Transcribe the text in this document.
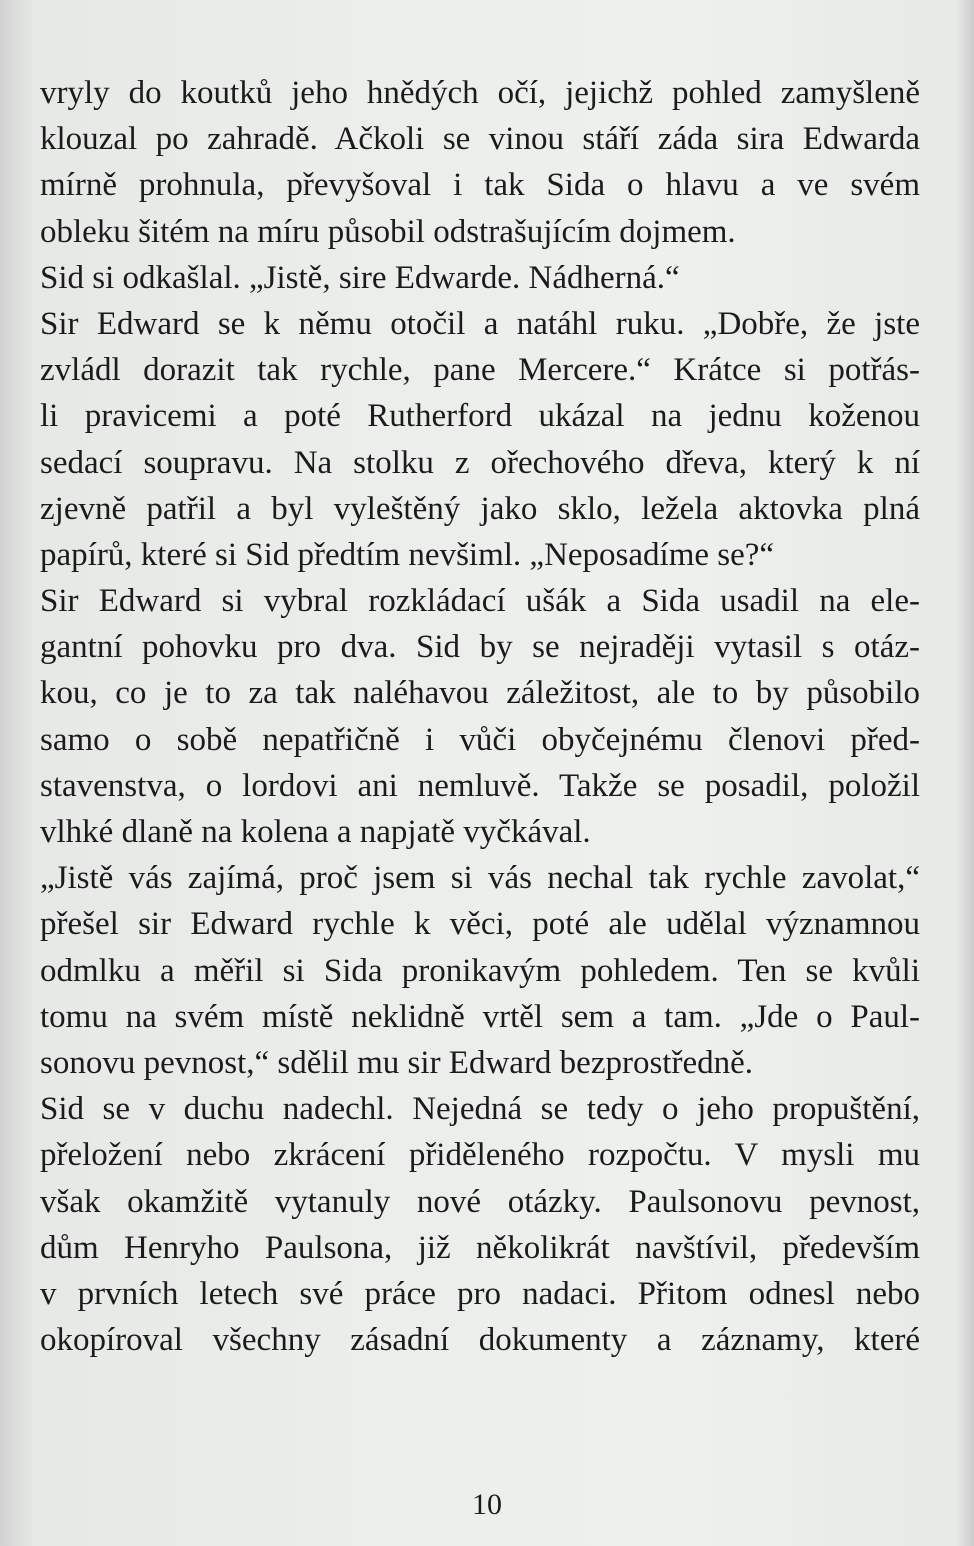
vryly do koutků jeho hnědých očí, jejichž pohled zamyšleně
klouzal po zahradě. Ačkoli se vinou stáří záda sira Edwarda
mírně prohnula, převyšoval i tak Sida o hlavu a ve svém
obleku šitém na míru působil odstrašujícím dojmem.
Sid si odkašlal. „Jistě, sire Edwarde. Nádherná.“
Sir Edward se k němu otočil a natáhl ruku. „Dobře, že jste
zvládl dorazit tak rychle, pane Mercere.“ Krátce si potřás-
li pravicemi a poté Rutherford ukázal na jednu koženou
sedací soupravu. Na stolku z ořechového dřeva, který k ní
zjevně patřil a byl vyleštěný jako sklo, ležela aktovka plná
papírů, které si Sid předtím nevšiml. „Neposadíme se?“
Sir Edward si vybral rozkládací ušák a Sida usadil na ele-
gantní pohovku pro dva. Sid by se nejraději vytasil s otáz-
kou, co je to za tak naléhavou záležitost, ale to by působilo
samo o sobě nepatřičně i vůči obyčejnému členovi před-
stavenstva, o lordovi ani nemluvě. Takže se posadil, položil
vlhké dlaně na kolena a napjatě vyčkával.
„Jistě vás zajímá, proč jsem si vás nechal tak rychle zavolat,“
přešel sir Edward rychle k věci, poté ale udělal významnou
odmlku a měřil si Sida pronikavým pohledem. Ten se kvůli
tomu na svém místě neklidně vrtěl sem a tam. „Jde o Paul-
sonovu pevnost,“ sdělil mu sir Edward bezprostředně.
Sid se v duchu nadechl. Nejedná se tedy o jeho propuštění,
přeložení nebo zkrácení přiděleného rozpočtu. V mysli mu
však okamžitě vytanuly nové otázky. Paulsonovu pevnost,
dům Henryho Paulsona, již několikrát navštívil, především
v prvních letech své práce pro nadaci. Přitom odnesl nebo
okopíroval všechny zásadní dokumenty a záznamy, které
10
